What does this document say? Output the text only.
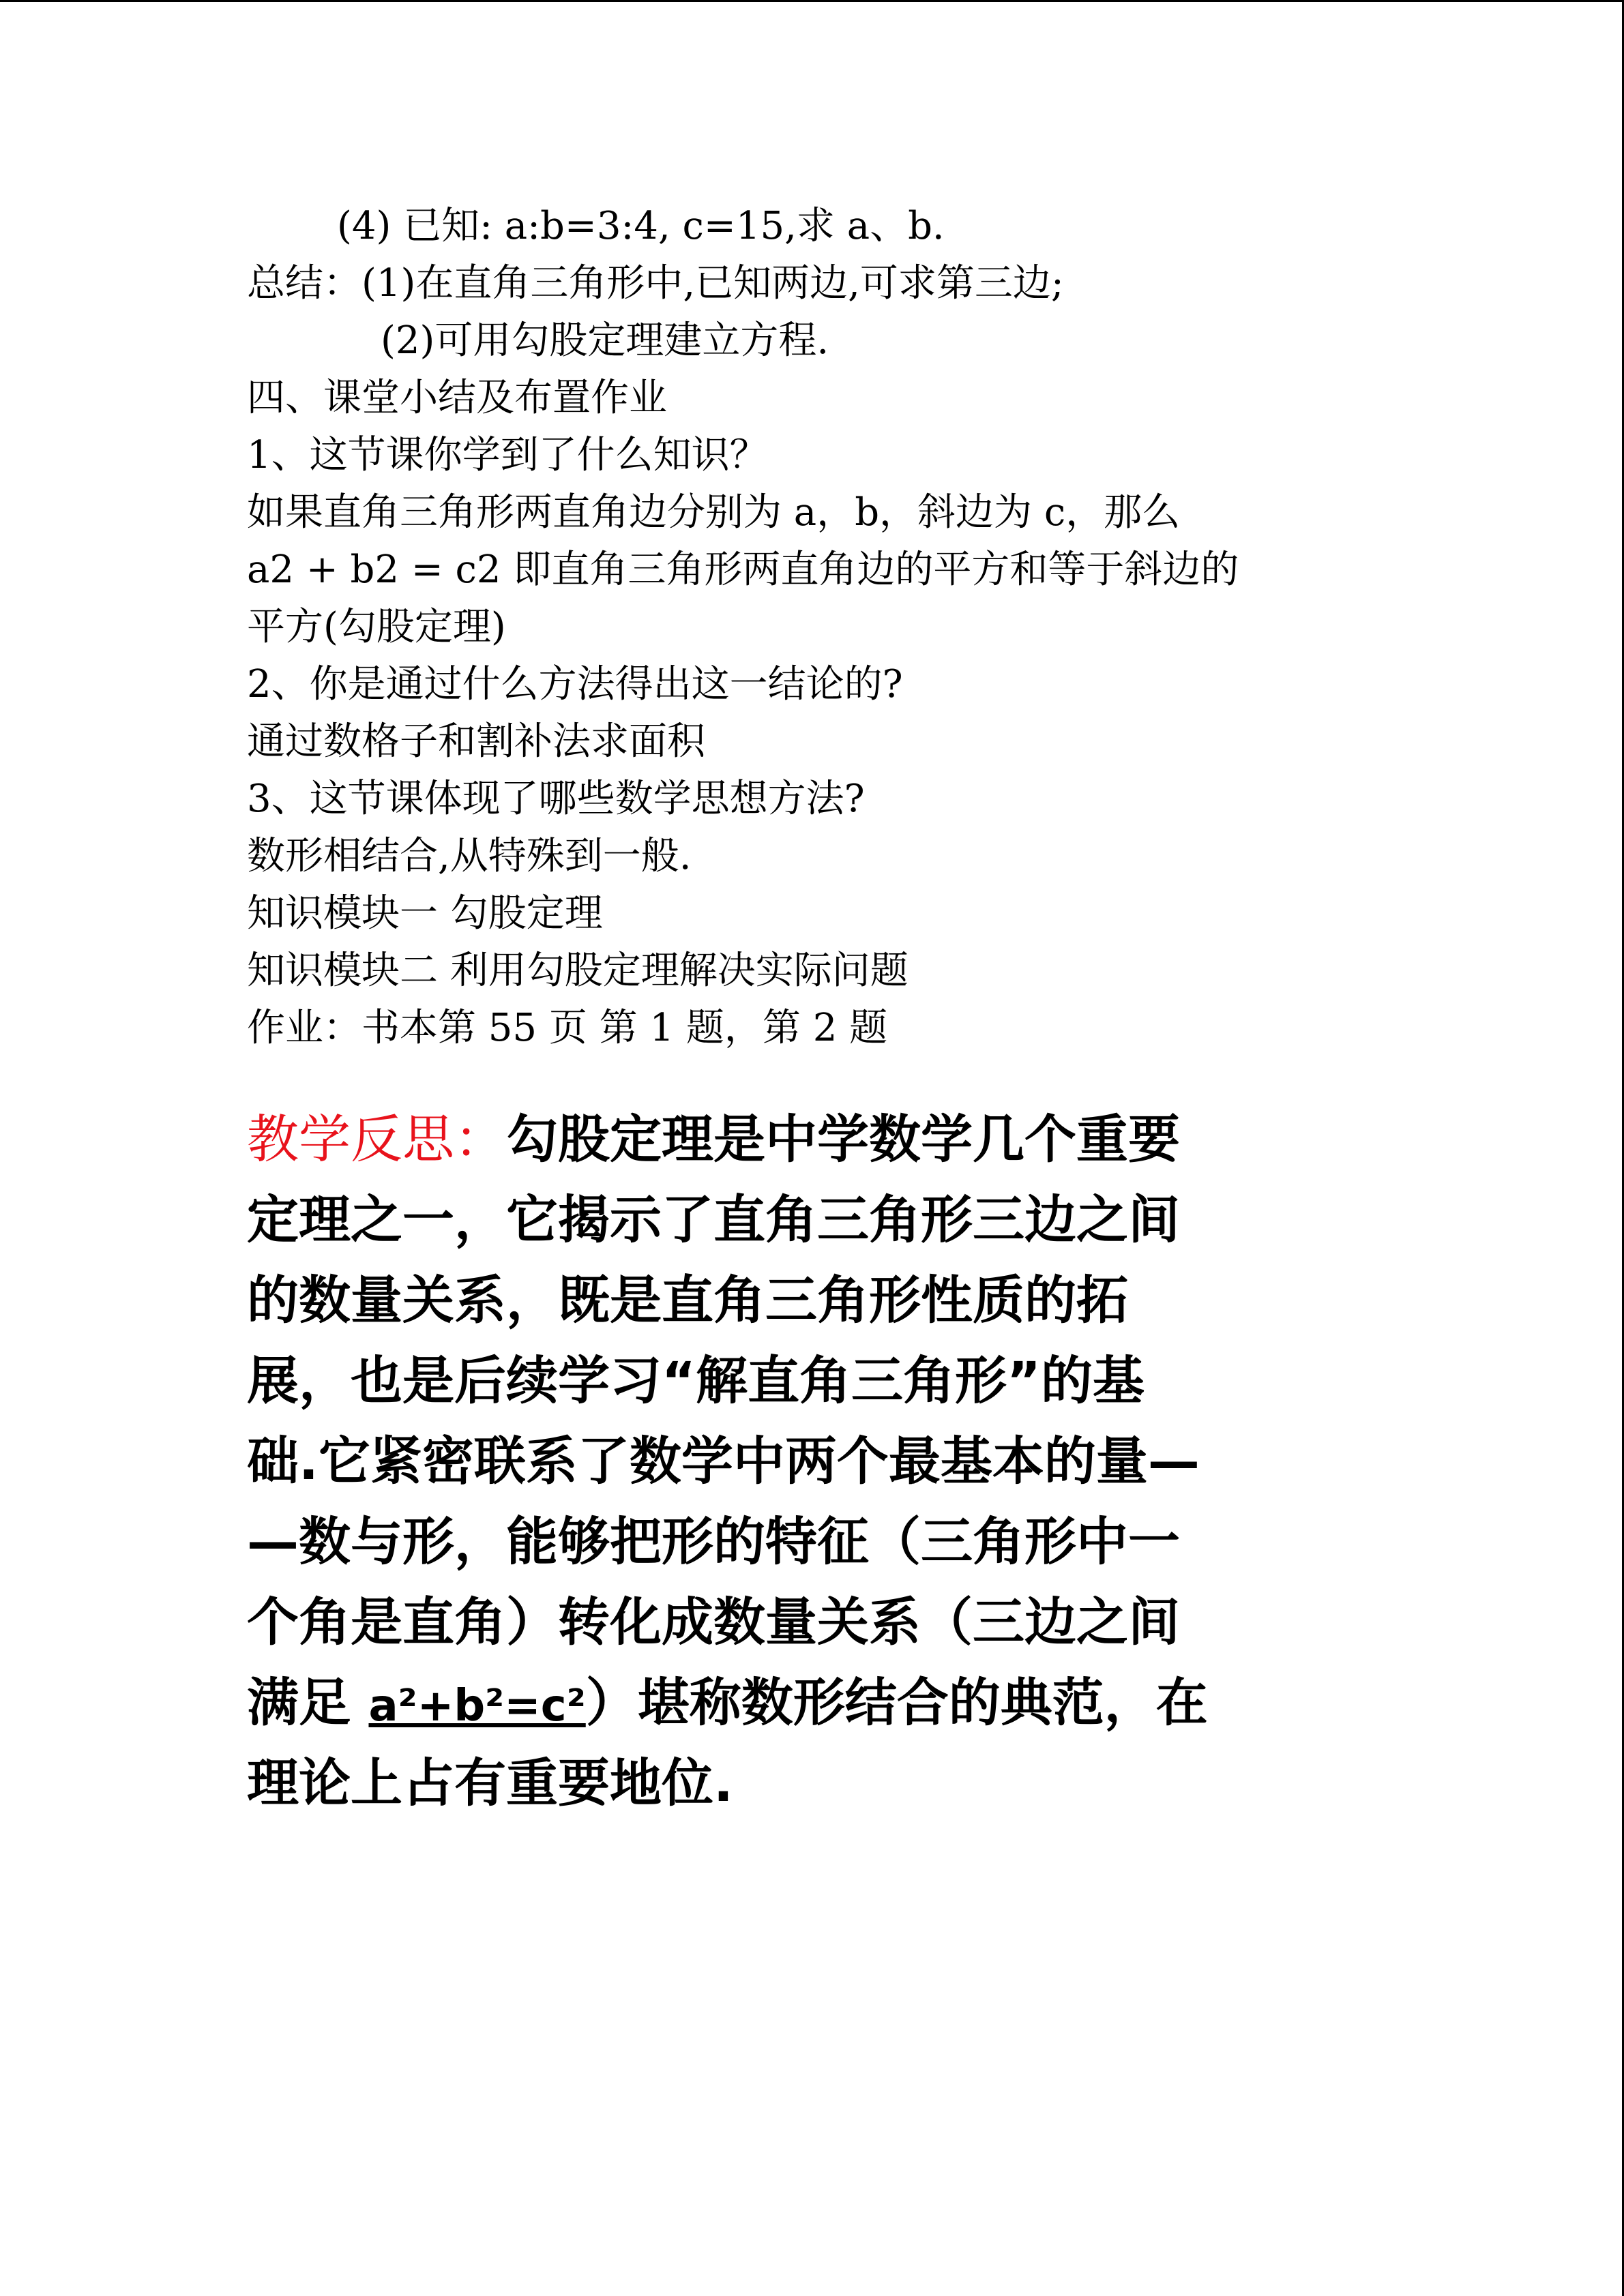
(4) 已知: a:b=3:4, c=15,求 a、b.
总结：(1)在直角三角形中,已知两边,可求第三边;
(2)可用勾股定理建立方程.
四、课堂小结及布置作业
1、这节课你学到了什么知识？
如果直角三角形两直角边分别为 a，b，斜边为 c，那么
a2 + b2 = c2 即直角三角形两直角边的平方和等于斜边的
平方(勾股定理)
2、你是通过什么方法得出这一结论的?
通过数格子和割补法求面积
3、这节课体现了哪些数学思想方法?
数形相结合,从特殊到一般.
知识模块一 勾股定理
知识模块二 利用勾股定理解决实际问题
作业：书本第 55 页 第 1 题，第 2 题
教学反思：勾股定理是中学数学几个重要
定理之一，它揭示了直角三角形三边之间
的数量关系，既是直角三角形性质的拓
展，也是后续学习“解直角三角形”的基
础.它紧密联系了数学中两个最基本的量—
—数与形，能够把形的特征（三角形中一
个角是直角）转化成数量关系（三边之间
满足 a²+b²=c²）堪称数形结合的典范，在
理论上占有重要地位.
